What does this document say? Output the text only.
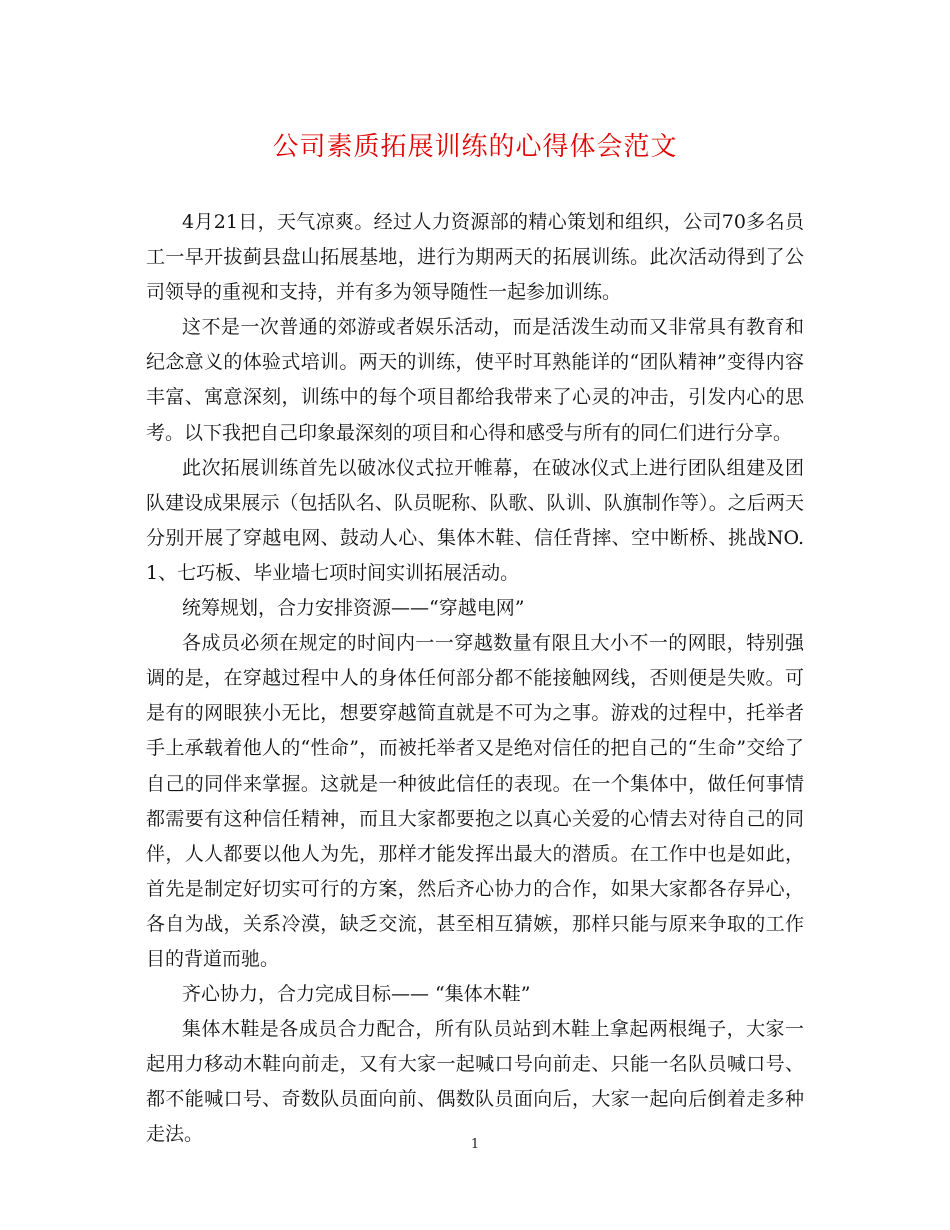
公司素质拓展训练的心得体会范文

4月21日，天气凉爽。经过人力资源部的精心策划和组织，公司70多名员工一早开拔蓟县盘山拓展基地，进行为期两天的拓展训练。此次活动得到了公司领导的重视和支持，并有多为领导随性一起参加训练。

这不是一次普通的郊游或者娱乐活动，而是活泼生动而又非常具有教育和纪念意义的体验式培训。两天的训练，使平时耳熟能详的“团队精神”变得内容丰富、寓意深刻，训练中的每个项目都给我带来了心灵的冲击，引发内心的思考。以下我把自己印象最深刻的项目和心得和感受与所有的同仁们进行分享。

此次拓展训练首先以破冰仪式拉开帷幕，在破冰仪式上进行团队组建及团队建设成果展示（包括队名、队员昵称、队歌、队训、队旗制作等）。之后两天分别开展了穿越电网、鼓动人心、集体木鞋、信任背摔、空中断桥、挑战NO.1、七巧板、毕业墙七项时间实训拓展活动。

统筹规划，合力安排资源——“穿越电网”

各成员必须在规定的时间内一一穿越数量有限且大小不一的网眼，特别强调的是，在穿越过程中人的身体任何部分都不能接触网线，否则便是失败。可是有的网眼狭小无比，想要穿越简直就是不可为之事。游戏的过程中，托举者手上承载着他人的“性命”，而被托举者又是绝对信任的把自己的“生命”交给了自己的同伴来掌握。这就是一种彼此信任的表现。在一个集体中，做任何事情都需要有这种信任精神，而且大家都要抱之以真心关爱的心情去对待自己的同伴，人人都要以他人为先，那样才能发挥出最大的潜质。在工作中也是如此，首先是制定好切实可行的方案，然后齐心协力的合作，如果大家都各存异心，各自为战，关系冷漠，缺乏交流，甚至相互猜嫉，那样只能与原来争取的工作目的背道而驰。

齐心协力，合力完成目标—— “集体木鞋”

集体木鞋是各成员合力配合，所有队员站到木鞋上拿起两根绳子，大家一起用力移动木鞋向前走，又有大家一起喊口号向前走、只能一名队员喊口号、都不能喊口号、奇数队员面向前、偶数队员面向后，大家一起向后倒着走多种走法。	1
